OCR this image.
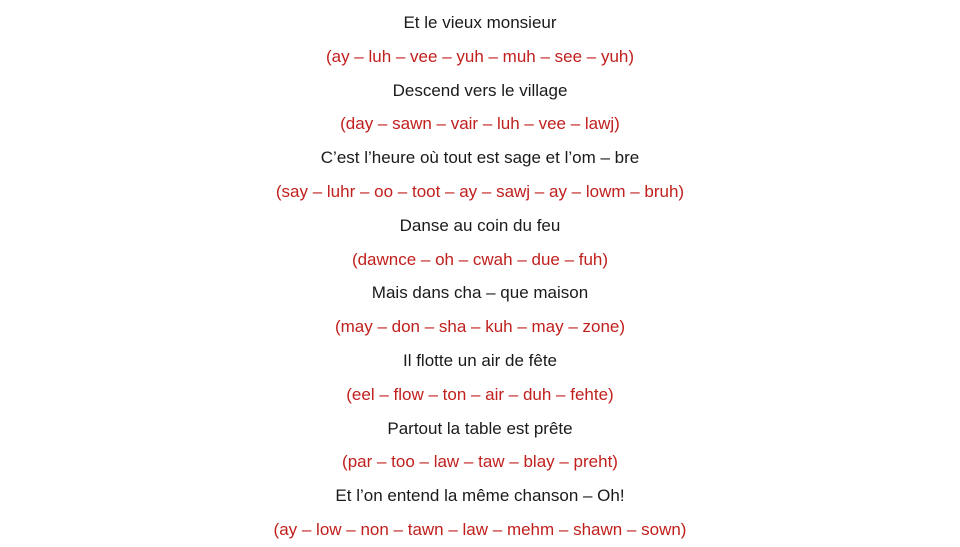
Et le vieux monsieur
(ay – luh – vee – yuh – muh – see – yuh)
Descend vers le village
(day – sawn – vair – luh – vee – lawj)
C’est l’heure où tout est sage et l’om – bre
(say – luhr – oo – toot – ay – sawj – ay – lowm – bruh)
Danse au coin du feu
(dawnce – oh – cwah – due – fuh)
Mais dans cha – que maison
(may – don – sha – kuh – may – zone)
Il flotte un air de fête
(eel – flow – ton – air – duh – fehte)
Partout la table est prête
(par – too – law – taw – blay – preht)
Et l’on entend la même chanson – Oh!
(ay – low – non – tawn – law – mehm – shawn – sown)
